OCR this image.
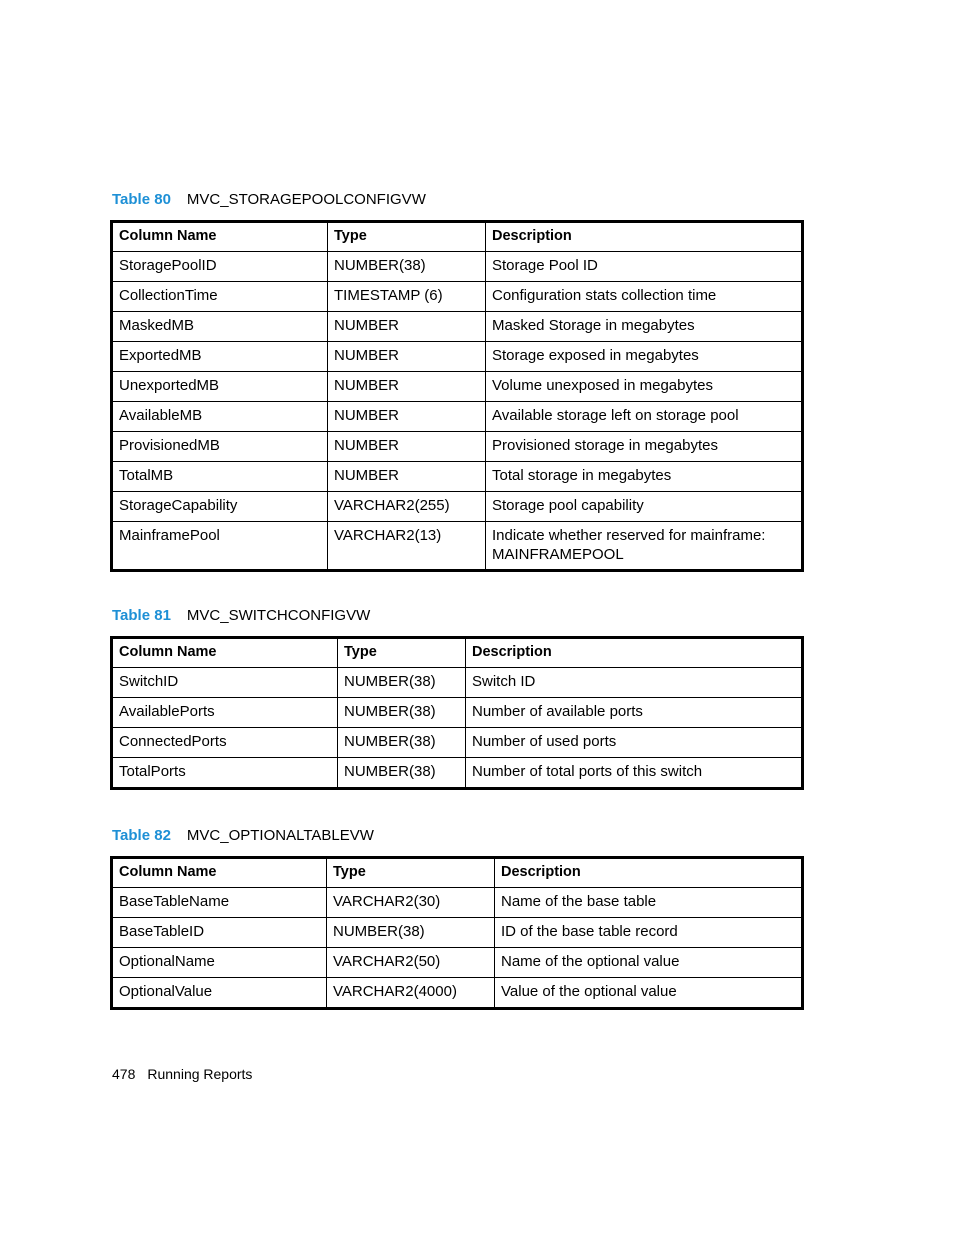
Table 80 MVC_STORAGEPOOLCONFIGVW
Column Name	Type	Description
StoragePoolID	NUMBER(38)	Storage Pool ID
CollectionTime	TIMESTAMP (6)	Configuration stats collection time
MaskedMB	NUMBER	Masked Storage in megabytes
ExportedMB	NUMBER	Storage exposed in megabytes
UnexportedMB	NUMBER	Volume unexposed in megabytes
AvailableMB	NUMBER	Available storage left on storage pool
ProvisionedMB	NUMBER	Provisioned storage in megabytes
TotalMB	NUMBER	Total storage in megabytes
StorageCapability	VARCHAR2(255)	Storage pool capability
MainframePool	VARCHAR2(13)	Indicate whether reserved for mainframe: MAINFRAMEPOOL
Table 81 MVC_SWITCHCONFIGVW
Column Name	Type	Description
SwitchID	NUMBER(38)	Switch ID
AvailablePorts	NUMBER(38)	Number of available ports
ConnectedPorts	NUMBER(38)	Number of used ports
TotalPorts	NUMBER(38)	Number of total ports of this switch
Table 82 MVC_OPTIONALTABLEVW
Column Name	Type	Description
BaseTableName	VARCHAR2(30)	Name of the base table
BaseTableID	NUMBER(38)	ID of the base table record
OptionalName	VARCHAR2(50)	Name of the optional value
OptionalValue	VARCHAR2(4000)	Value of the optional value
478 Running Reports
